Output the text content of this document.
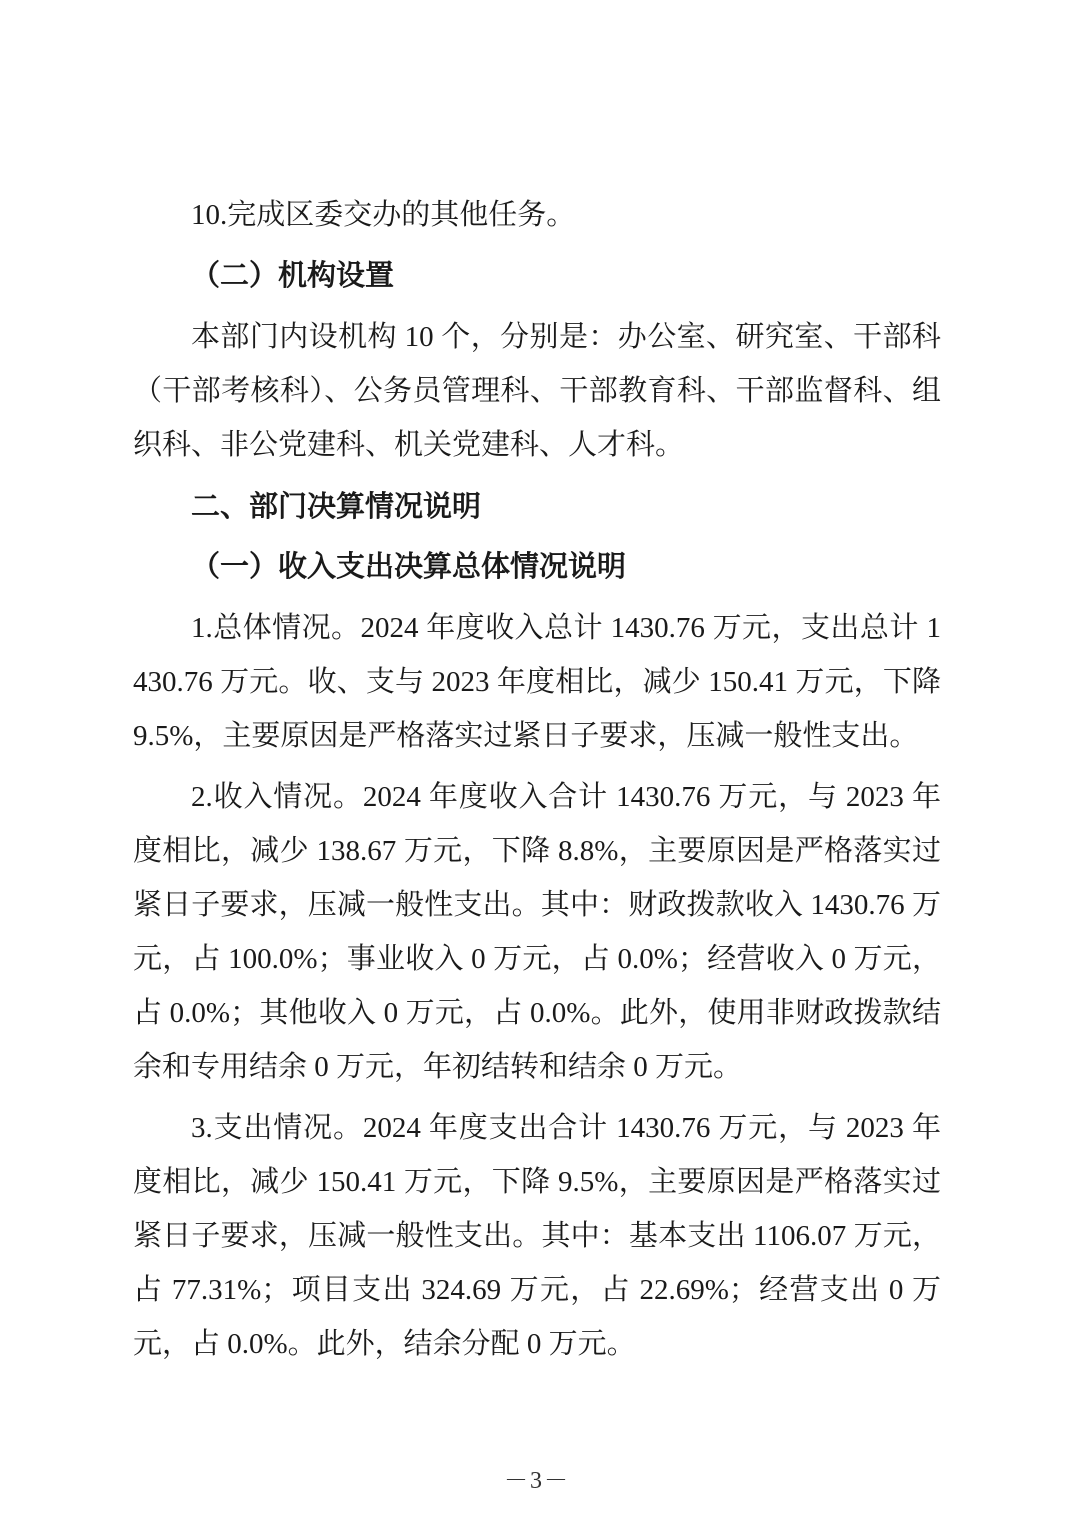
10.完成区委交办的其他任务。

（二）机构设置

本部门内设机构 10 个，分别是：办公室、研究室、干部科（干部考核科）、公务员管理科、干部教育科、干部监督科、组织科、非公党建科、机关党建科、人才科。

二、部门决算情况说明

（一）收入支出决算总体情况说明

1.总体情况。2024 年度收入总计 1430.76 万元，支出总计 1430.76 万元。收、支与 2023 年度相比，减少 150.41 万元，下降 9.5%，主要原因是严格落实过紧日子要求，压减一般性支出。

2.收入情况。2024 年度收入合计 1430.76 万元，与 2023 年度相比，减少 138.67 万元，下降 8.8%，主要原因是严格落实过紧日子要求，压减一般性支出。其中：财政拨款收入 1430.76 万元，占 100.0%；事业收入 0 万元，占 0.0%；经营收入 0 万元，占 0.0%；其他收入 0 万元，占 0.0%。此外，使用非财政拨款结余和专用结余 0 万元，年初结转和结余 0 万元。

3.支出情况。2024 年度支出合计 1430.76 万元，与 2023 年度相比，减少 150.41 万元，下降 9.5%，主要原因是严格落实过紧日子要求，压减一般性支出。其中：基本支出 1106.07 万元，占 77.31%；项目支出 324.69 万元，占 22.69%；经营支出 0 万元，占 0.0%。此外，结余分配 0 万元。

－3－
